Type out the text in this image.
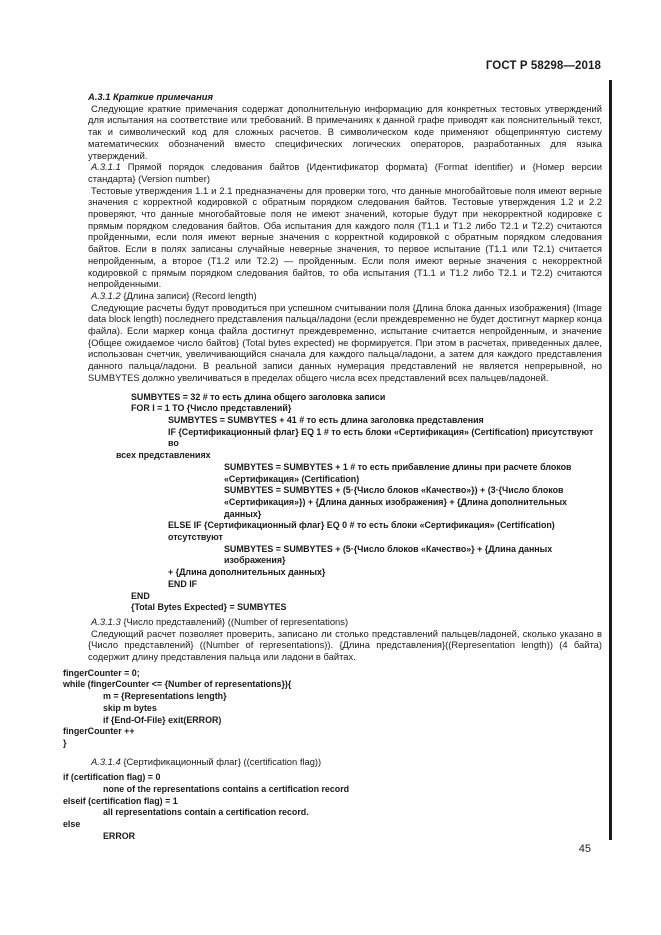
ГОСТ Р 58298—2018

А.3.1 Краткие примечания

Следующие краткие примечания содержат дополнительную информацию для конкретных тестовых утверждений для испытания на соответствие или требований. В примечаниях к данной графе приводят как пояснительный текст, так и символический код для сложных расчетов. В символическом коде применяют общепринятую систему математических обозначений вместо специфических логических операторов, разработанных для языка утверждений.

А.3.1.1 Прямой порядок следования байтов {Идентификатор формата} (Format identifier) и {Номер версии стандарта} (Version number)

Тестовые утверждения 1.1 и 2.1 предназначены для проверки того, что данные многобайтовые поля имеют верные значения с корректной кодировкой с обратным порядком следования байтов. Тестовые утверждения 1.2 и 2.2 проверяют, что данные многобайтовые поля не имеют значений, которые будут при некорректной кодировке с прямым порядком следования байтов. Оба испытания для каждого поля (Т1.1 и Т1.2 либо Т2.1 и Т2.2) считаются пройденными, если поля имеют верные значения с корректной кодировкой с обратным порядком следования байтов. Если в полях записаны случайные неверные значения, то первое испытание (Т1.1 или Т2.1) считается непройденным, а второе (Т1.2 или Т2.2) — пройденным. Если поля имеют верные значения с некорректной кодировкой с прямым порядком следования байтов, то оба испытания (Т1.1 и Т1.2 либо Т2.1 и Т2.2) считаются непройденными.

А.3.1.2 {Длина записи} (Record length)

Следующие расчеты будут проводиться при успешном считывании поля {Длина блока данных изображения} (Image data block length) последнего представления пальца/ладони (если преждевременно не будет достигнут маркер конца файла). Если маркер конца файла достигнут преждевременно, испытание считается непройденным, и значение {Общее ожидаемое число байтов} (Total bytes expected) не формируется. При этом в расчетах, приведенных далее, использован счетчик, увеличивающийся сначала для каждого пальца/ладони, а затем для каждого представления данного пальца/ладони. В реальной записи данных нумерация представлений не является непрерывной, но SUMBYTES должно увеличиваться в пределах общего числа всех представлений всех пальцев/ладоней.

SUMBYTES = 32 # то есть длина общего заголовка записи
FOR I = 1 TO {Число представлений}
SUMBYTES = SUMBYTES + 41 # то есть длина заголовка представления
IF {Сертификационный флаг} EQ 1 # то есть блоки «Сертификация» (Certification) присутствуют во
всех представлениях
SUMBYTES = SUMBYTES + 1 # то есть прибавление длины при расчете блоков «Сертификация» (Certification)
SUMBYTES = SUMBYTES + (5·{Число блоков «Качество»}) + (3·{Число блоков «Сертификация»}) + {Длина данных изображения} + {Длина дополнительных данных}
ELSE IF {Сертификационный флаг} EQ 0 # то есть блоки «Сертификация» (Certification) отсутствуют
SUMBYTES = SUMBYTES + (5·{Число блоков «Качество»} + {Длина данных изображения}
+ {Длина дополнительных данных}
END IF
END
{Total Bytes Expected} = SUMBYTES

А.3.1.3 {Число представлений} ((Number of representations)

Следующий расчет позволяет проверить, записано ли столько представлений пальцев/ладоней, сколько указано в {Число представлений} ((Number of representations)). {Длина представления}((Representation length)) (4 байта) содержит длину представления пальца или ладони в байтах.

fingerCounter = 0;
while (fingerCounter <= {Number of representations}){
m = {Representations length}
skip m bytes
if {End-Of-File} exit(ERROR)
fingerCounter ++
}

А.3.1.4 {Сертификационный флаг} ((certification flag))

if (certification flag) = 0
none of the representations contains a certification record
elseif (certification flag) = 1
all representations contain a certification record.
else
ERROR
45
